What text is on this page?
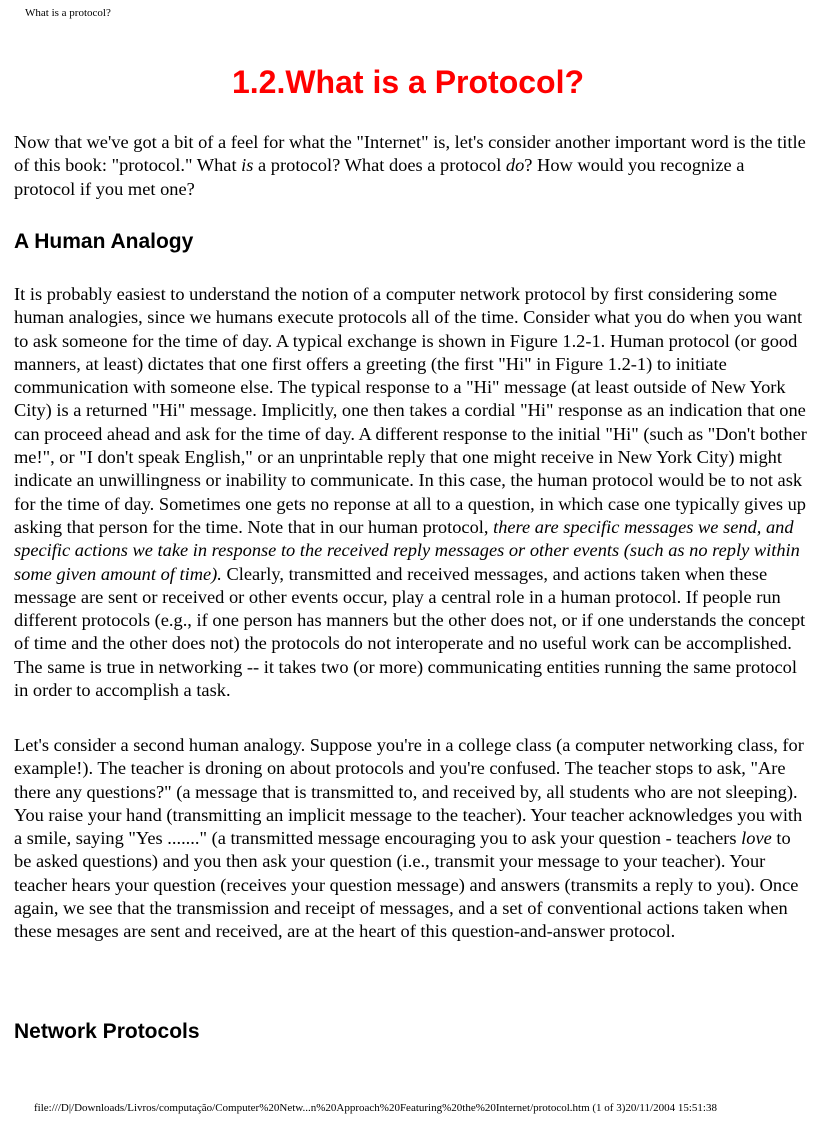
What is a protocol?
1.2.What is a Protocol?

Now that we've got a bit of a feel for what the "Internet" is, let's consider another important word is the title of this book: "protocol." What is a protocol? What does a protocol do? How would you recognize a protocol if you met one?

A Human Analogy

It is probably easiest to understand the notion of a computer network protocol by first considering some human analogies, since we humans execute protocols all of the time. Consider what you do when you want to ask someone for the time of day. A typical exchange is shown in Figure 1.2-1. Human protocol (or good manners, at least) dictates that one first offers a greeting (the first "Hi" in Figure 1.2-1) to initiate communication with someone else. The typical response to a "Hi" message (at least outside of New York City) is a returned "Hi" message. Implicitly, one then takes a cordial "Hi" response as an indication that one can proceed ahead and ask for the time of day. A different response to the initial "Hi" (such as "Don't bother me!", or "I don't speak English," or an unprintable reply that one might receive in New York City) might indicate an unwillingness or inability to communicate. In this case, the human protocol would be to not ask for the time of day. Sometimes one gets no reponse at all to a question, in which case one typically gives up asking that person for the time. Note that in our human protocol, there are specific messages we send, and specific actions we take in response to the received reply messages or other events (such as no reply within some given amount of time). Clearly, transmitted and received messages, and actions taken when these message are sent or received or other events occur, play a central role in a human protocol. If people run different protocols (e.g., if one person has manners but the other does not, or if one understands the concept of time and the other does not) the protocols do not interoperate and no useful work can be accomplished. The same is true in networking -- it takes two (or more) communicating entities running the same protocol in order to accomplish a task.

Let's consider a second human analogy. Suppose you're in a college class (a computer networking class, for example!). The teacher is droning on about protocols and you're confused. The teacher stops to ask, "Are there any questions?" (a message that is transmitted to, and received by, all students who are not sleeping). You raise your hand (transmitting an implicit message to the teacher). Your teacher acknowledges you with a smile, saying "Yes ......." (a transmitted message encouraging you to ask your question - teachers love to be asked questions) and you then ask your question (i.e., transmit your message to your teacher). Your teacher hears your question (receives your question message) and answers (transmits a reply to you). Once again, we see that the transmission and receipt of messages, and a set of conventional actions taken when these mesages are sent and received, are at the heart of this question-and-answer protocol.

Network Protocols
file:///D|/Downloads/Livros/computação/Computer%20Netw...n%20Approach%20Featuring%20the%20Internet/protocol.htm (1 of 3)20/11/2004 15:51:38
